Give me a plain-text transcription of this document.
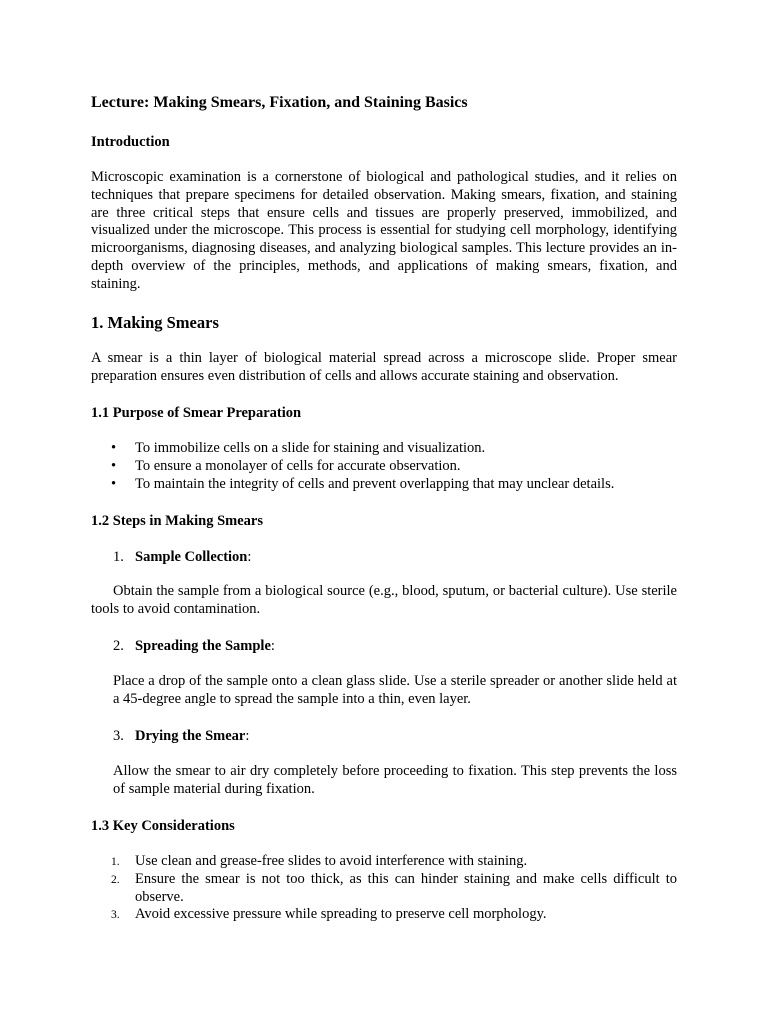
Lecture: Making Smears, Fixation, and Staining Basics
Introduction

Microscopic examination is a cornerstone of biological and pathological studies, and it relies on techniques that prepare specimens for detailed observation. Making smears, fixation, and staining are three critical steps that ensure cells and tissues are properly preserved, immobilized, and visualized under the microscope. This process is essential for studying cell morphology, identifying microorganisms, diagnosing diseases, and analyzing biological samples. This lecture provides an in-depth overview of the principles, methods, and applications of making smears, fixation, and staining.

1. Making Smears

A smear is a thin layer of biological material spread across a microscope slide. Proper smear preparation ensures even distribution of cells and allows accurate staining and observation.

1.1 Purpose of Smear Preparation
• To immobilize cells on a slide for staining and visualization.
• To ensure a monolayer of cells for accurate observation.
• To maintain the integrity of cells and prevent overlapping that may unclear details.
1.2 Steps in Making Smears
1. Sample Collection:

Obtain the sample from a biological source (e.g., blood, sputum, or bacterial culture). Use sterile tools to avoid contamination.

2. Spreading the Sample:

Place a drop of the sample onto a clean glass slide. Use a sterile spreader or another slide held at a 45-degree angle to spread the sample into a thin, even layer.

3. Drying the Smear:

Allow the smear to air dry completely before proceeding to fixation. This step prevents the loss of sample material during fixation.

1.3 Key Considerations
1. Use clean and grease-free slides to avoid interference with staining.
2. Ensure the smear is not too thick, as this can hinder staining and make cells difficult to observe.
3. Avoid excessive pressure while spreading to preserve cell morphology.
